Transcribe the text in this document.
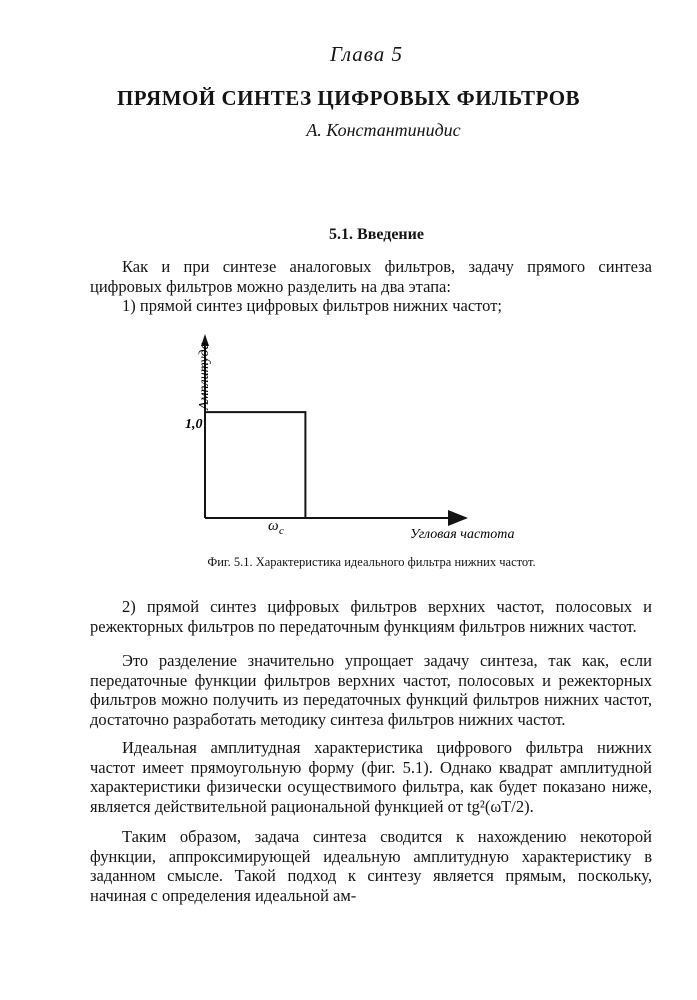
Глава 5
ПРЯМОЙ СИНТЕЗ ЦИФРОВЫХ ФИЛЬТРОВ
А. Константинидис
5.1. Введение

Как и при синтезе аналоговых фильтров, задачу прямого синтеза цифровых фильтров можно разделить на два этапа:

1) прямой синтез цифровых фильтров нижних частот;

Амплитуда
Угловая частота
1,0
ω c
Фиг. 5.1. Характеристика идеального фильтра нижних частот.

2) прямой синтез цифровых фильтров верхних частот, полосовых и режекторных фильтров по передаточным функциям фильтров нижних частот.

Это разделение значительно упрощает задачу синтеза, так как, если передаточные функции фильтров верхних частот, полосовых и режекторных фильтров можно получить из передаточных функций фильтров нижних частот, достаточно разработать методику синтеза фильтров нижних частот.

Идеальная амплитудная характеристика цифрового фильтра нижних частот имеет прямоугольную форму (фиг. 5.1). Однако квадрат амплитудной характеристики физически осуществимого фильтра, как будет показано ниже, является действительной рациональной функцией от tg²(ωT/2).

Таким образом, задача синтеза сводится к нахождению некоторой функции, аппроксимирующей идеальную амплитудную характеристику в заданном смысле. Такой подход к синтезу является прямым, поскольку, начиная с определения идеальной ам-
